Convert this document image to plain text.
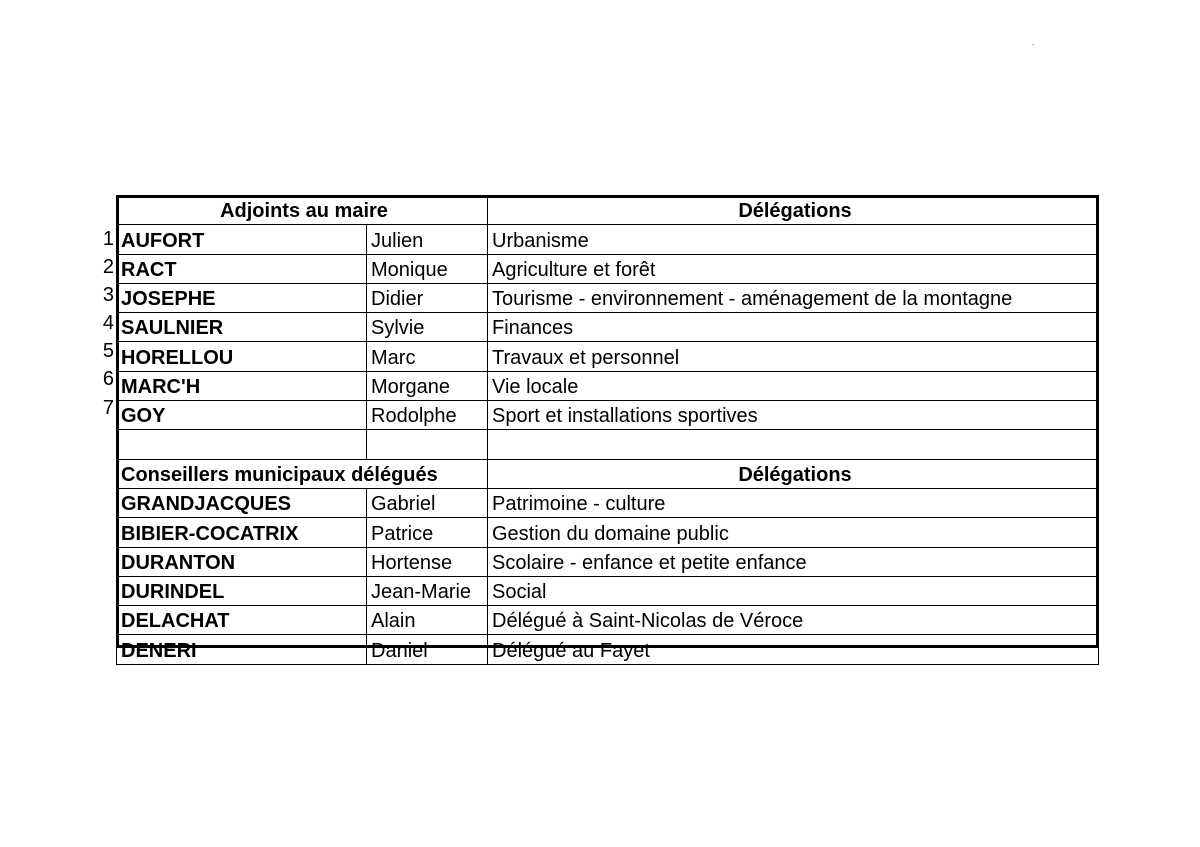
1
2
3
4
5
6
7
Adjoints au maire		Délégations
AUFORT	Julien	Urbanisme
RACT	Monique	Agriculture et forêt
JOSEPHE	Didier	Tourisme - environnement - aménagement de la montagne
SAULNIER	Sylvie	Finances
HORELLOU	Marc	Travaux et personnel
MARC'H	Morgane	Vie locale
GOY	Rodolphe	Sport et installations sportives

Conseillers municipaux délégués		Délégations
GRANDJACQUES	Gabriel	Patrimoine - culture
BIBIER-COCATRIX	Patrice	Gestion du domaine public
DURANTON	Hortense	Scolaire - enfance et petite enfance
DURINDEL	Jean-Marie	Social
DELACHAT	Alain	Délégué à Saint-Nicolas de Véroce
DENERI	Daniel	Délégué au Fayet
